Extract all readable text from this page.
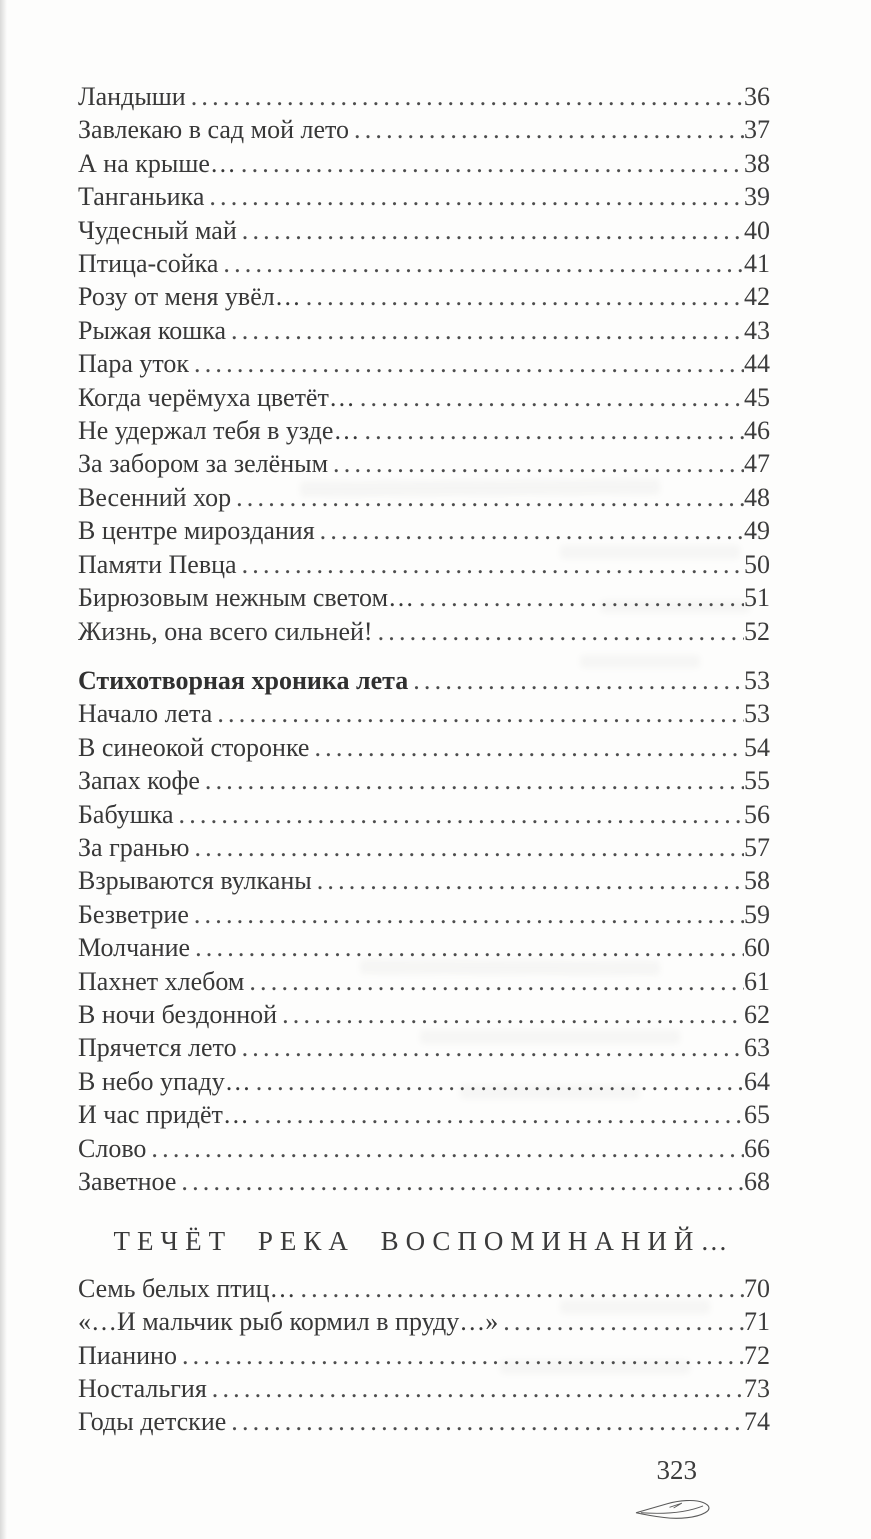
Ландыши .....	36
Завлекаю в сад мой лето .....	37
А на крыше… .....	38
Танганьика .....	39
Чудесный май .....	40
Птица-сойка .....	41
Розу от меня увёл… .....	42
Рыжая кошка .....	43
Пара уток .....	44
Когда черёмуха цветёт… .....	45
Не удержал тебя в узде… .....	46
За забором за зелёным .....	47
Весенний хор .....	48
В центре мироздания .....	49
Памяти Певца .....	50
Бирюзовым нежным светом… .....	51
Жизнь, она всего сильней! .....	52
Стихотворная хроника лета .....	53
Начало лета .....	53
В синеокой сторонке .....	54
Запах кофе .....	55
Бабушка .....	56
За гранью .....	57
Взрываются вулканы .....	58
Безветрие .....	59
Молчание .....	60
Пахнет хлебом .....	61
В ночи бездонной .....	62
Прячется лето .....	63
В небо упаду… .....	64
И час придёт… .....	65
Слово .....	66
Заветное .....	68
ТЕЧЁТ РЕКА ВОСПОМИНАНИЙ…
Семь белых птиц… .....	70
«…И мальчик рыб кормил в пруду…» .....	71
Пианино .....	72
Ностальгия .....	73
Годы детские .....	74
323
